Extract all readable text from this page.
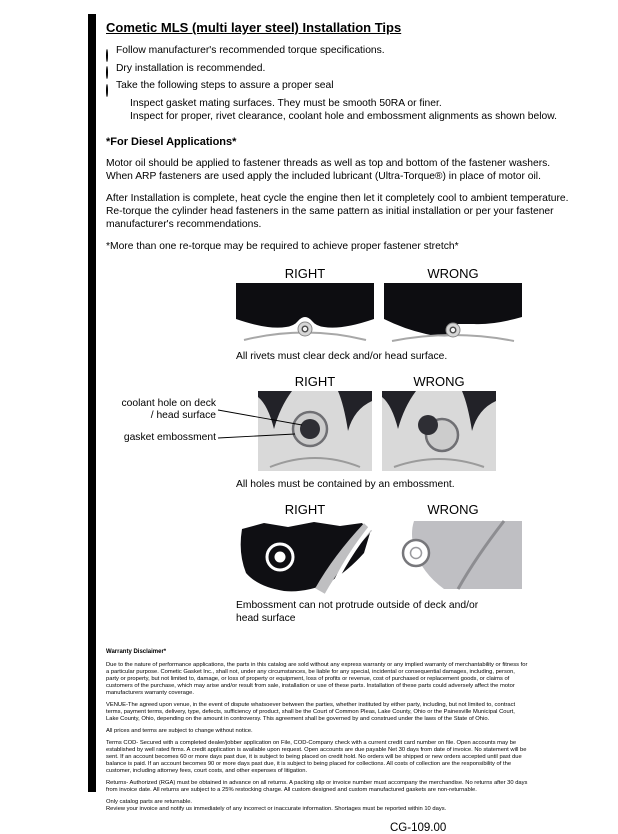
Cometic MLS (multi layer steel) Installation Tips
Follow manufacturer's recommended torque specifications.
Dry installation is recommended.
Take the following steps to assure a proper seal
Inspect gasket mating surfaces. They must be smooth 50RA or finer.
Inspect for proper, rivet clearance, coolant hole and embossment alignments as shown below.
*For Diesel Applications*
Motor oil should be applied to fastener threads as well as top and bottom of the fastener washers. When ARP fasteners are used apply the included lubricant (Ultra-Torque®) in place of motor oil.
After Installation is complete, heat cycle the engine then let it completely cool to ambient temperature. Re-torque the cylinder head fasteners in the same pattern as initial installation or per your fastener manufacturer's recommendations.
*More than one re-torque may be required to achieve proper fastener stretch*
RIGHT	WRONG
All rivets must clear deck and/or head surface.
coolant hole on deck / head surface
gasket embossment
RIGHT	WRONG
All holes must be contained by an embossment.
RIGHT	WRONG
Embossment can not protrude outside of deck and/or head surface
Warranty Disclaimer*

Due to the nature of performance applications, the parts in this catalog are sold without any express warranty or any implied warranty of merchantability or fitness for a particular purpose. Cometic Gasket Inc., shall not, under any circumstances, be liable for any special, incidental or consequential damages, including, person, party or property, but not limited to, damage, or loss of property or equipment, loss of profits or revenue, cost of purchased or replacement goods, or claims of customers of the purchase, which may arise and/or result from sale, installation or use of these parts. Installation of these parts could adversely affect the motor manufacturers warranty coverage.

VENUE-The agreed upon venue, in the event of dispute whatsoever between the parties, whether instituted by either party, including, but not limited to, contract terms, payment terms, delivery, type, defects, sufficiency of product, shall be the Court of Common Pleas, Lake County, Ohio or the Painesville Municipal Court, Lake County, Ohio, depending on the amount in controversy. This agreement shall be governed by and construed under the laws of the State of Ohio.

All prices and terms are subject to change without notice.

Terms COD- Secured with a completed dealer/jobber application on File, COD-Company check with a current credit card number on file. Open accounts may be established by well rated firms. A credit application is available upon request. Open accounts are due payable Net 30 days from date of invoice. No statement will be sent. If an account becomes 60 or more days past due, it is subject to being placed on credit hold. No orders will be shipped or new orders accepted until past due balance is paid. If an account becomes 90 or more days past due, it is subject to being placed for collections. All costs of collection are the responsibility of the customer, including attorney fees, court costs, and other expenses of litigation.

Returns- Authorized (RGA) must be obtained in advance on all returns. A packing slip or invoice number must accompany the merchandise. No returns after 30 days from invoice date. All returns are subject to a 25% restocking charge. All custom designed and custom manufactured gaskets are non-returnable.

Only catalog parts are returnable.

Review your invoice and notify us immediately of any incorrect or inaccurate information. Shortages must be reported within 10 days.

CG-109.00
